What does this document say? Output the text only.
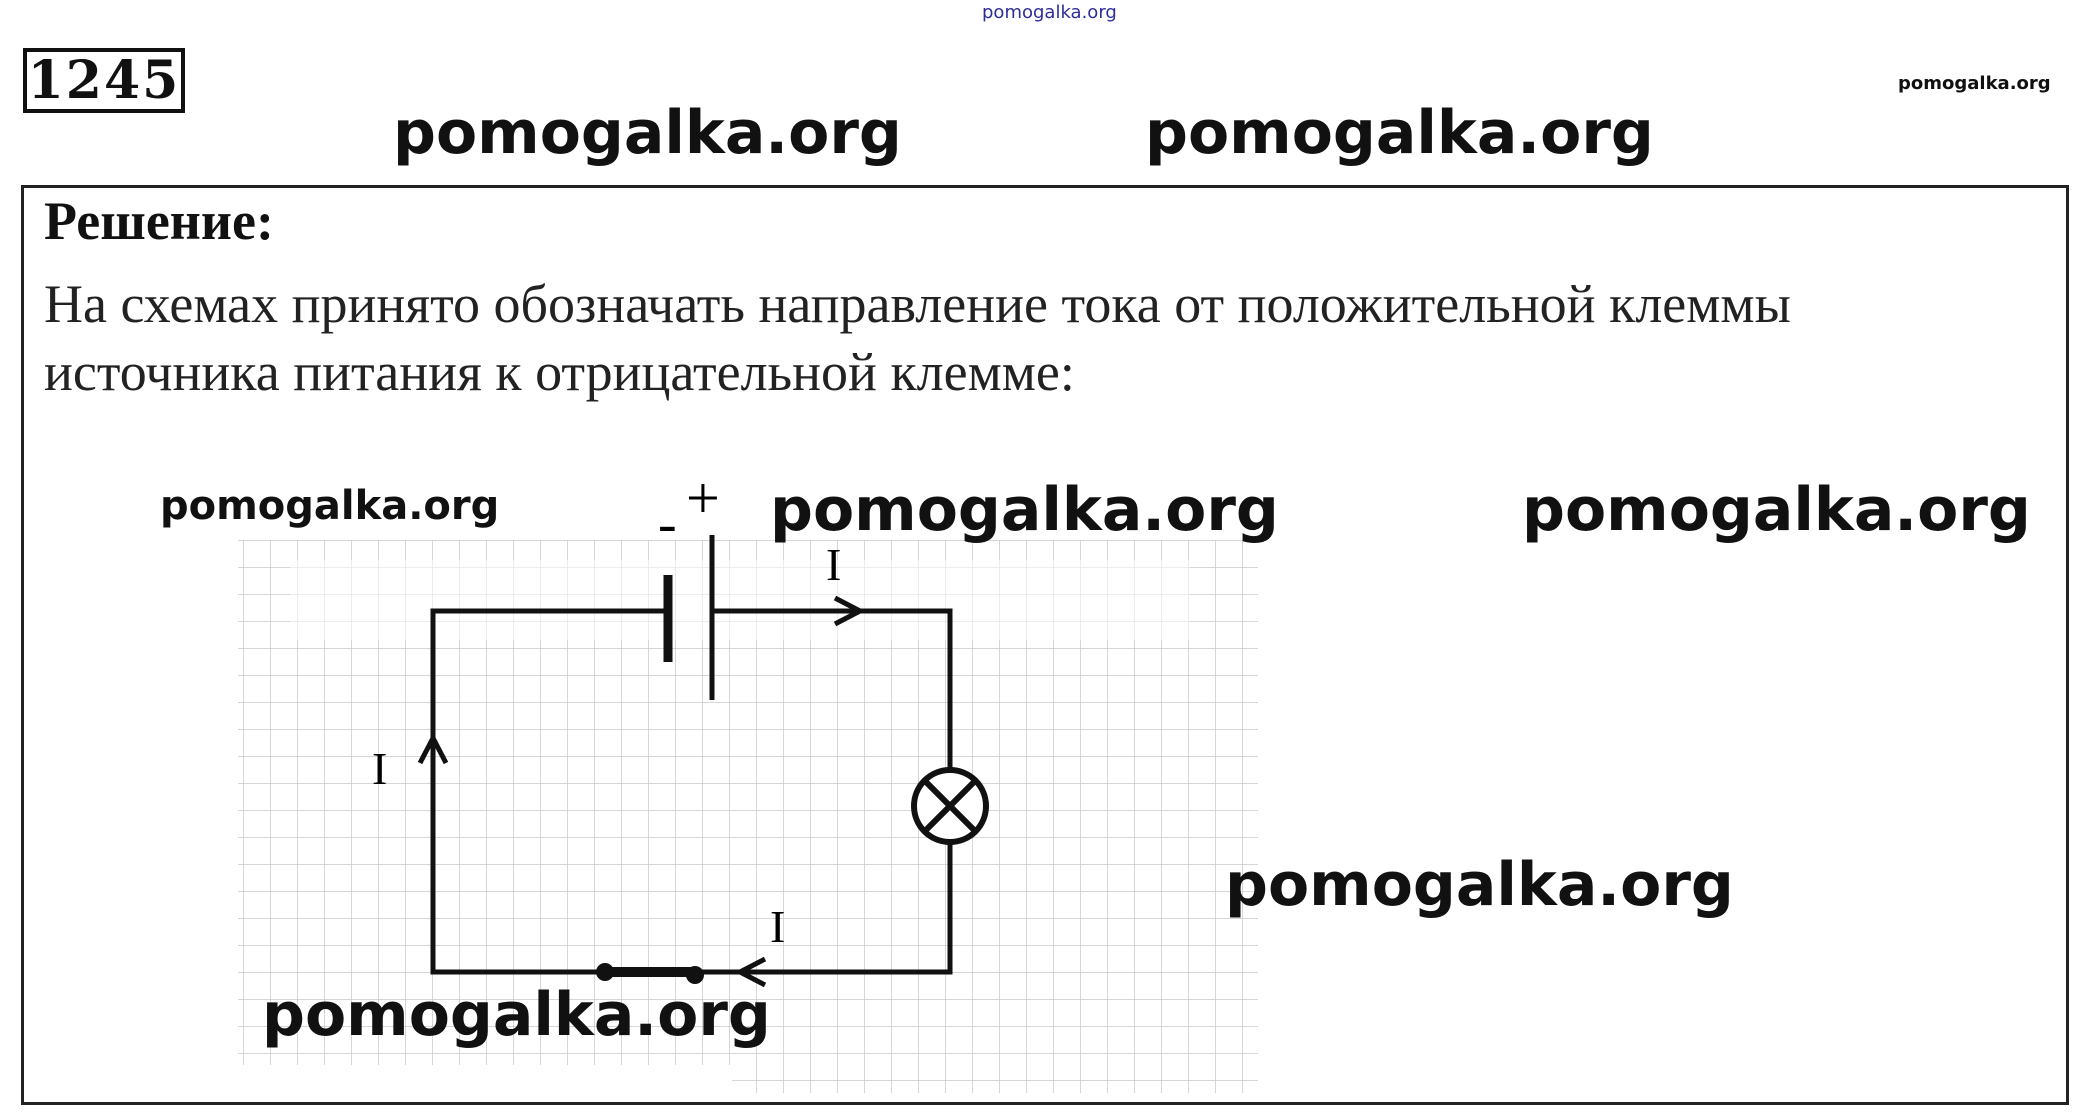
pomogalka.org
1245
pomogalka.org	pomogalka.org
pomogalka.org
Решение:
На схемах принято обозначать направление тока от положительной клеммы источника питания к отрицательной клемме:
- +
I
I
I
pomogalka.org	pomogalka.org	pomogalka.org
pomogalka.org
pomogalka.org
